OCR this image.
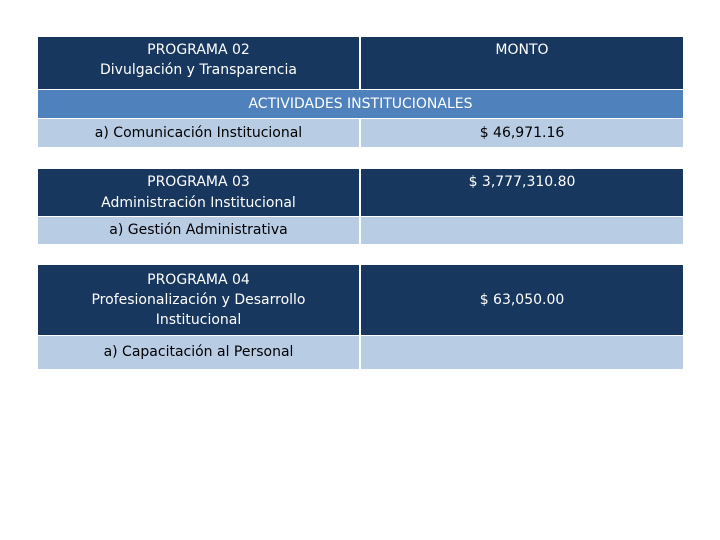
PROGRAMA 02
Divulgación y Transparencia
MONTO
ACTIVIDADES INSTITUCIONALES
a) Comunicación Institucional	$ 46,971.16
PROGRAMA 03
Administración Institucional
$ 3,777,310.80
a) Gestión Administrativa
PROGRAMA 04
Profesionalización y Desarrollo
Institucional
$ 63,050.00
a) Capacitación al Personal
